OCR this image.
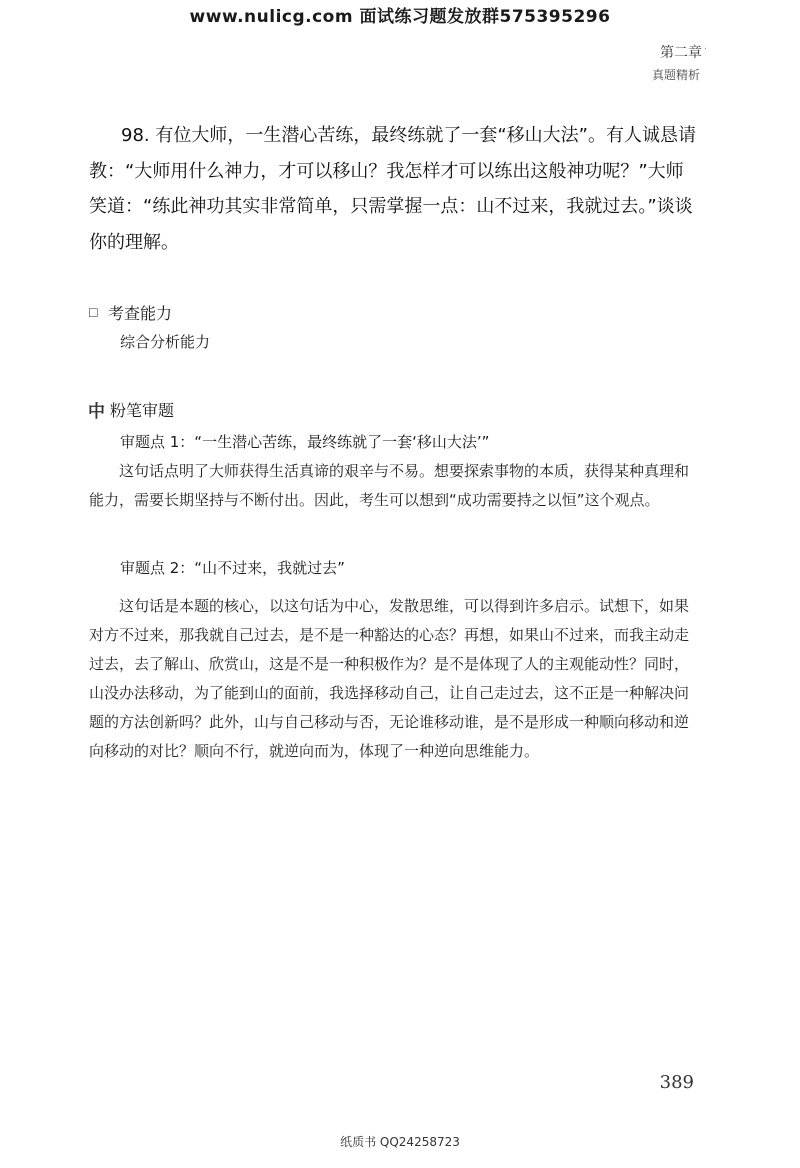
www.nulicg.com 面试练习题发放群575395296
第二章 ·
真题精析

98. 有位大师，一生潜心苦练，最终练就了一套“移山大法”。有人诚恳请教：“大师用什么神力，才可以移山？我怎样才可以练出这般神功呢？”大师笑道：“练此神功其实非常简单，只需掌握一点：山不过来，我就过去。”谈谈你的理解。

☐ 考查能力
综合分析能力
中 粉笔审题
审题点 1：“一生潜心苦练，最终练就了一套‘移山大法’”

这句话点明了大师获得生活真谛的艰辛与不易。想要探索事物的本质，获得某种真理和能力，需要长期坚持与不断付出。因此，考生可以想到“成功需要持之以恒”这个观点。

审题点 2：“山不过来，我就过去”

这句话是本题的核心，以这句话为中心，发散思维，可以得到许多启示。试想下，如果对方不过来，那我就自己过去，是不是一种豁达的心态？再想，如果山不过来，而我主动走过去，去了解山、欣赏山，这是不是一种积极作为？是不是体现了人的主观能动性？同时，山没办法移动，为了能到山的面前，我选择移动自己，让自己走过去，这不正是一种解决问题的方法创新吗？此外，山与自己移动与否，无论谁移动谁，是不是形成一种顺向移动和逆向移动的对比？顺向不行，就逆向而为，体现了一种逆向思维能力。

389
纸质书 QQ24258723
